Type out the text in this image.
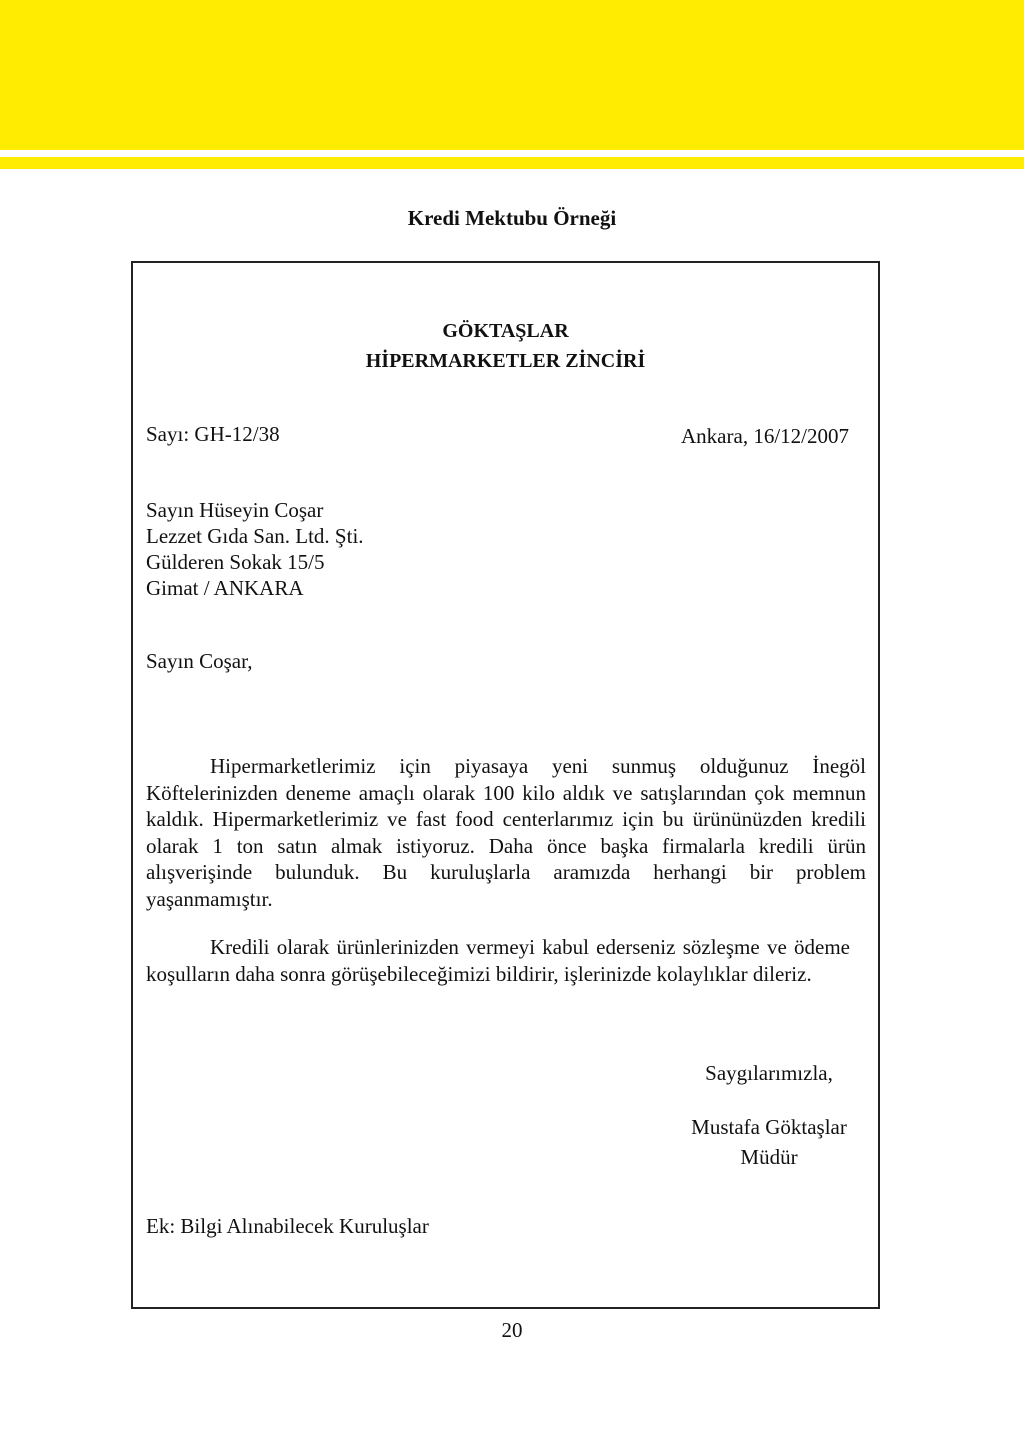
Kredi Mektubu Örneği
GÖKTAŞLAR
HİPERMARKETLER ZİNCİRİ
Sayı: GH-12/38	Ankara, 16/12/2007
Sayın Hüseyin Coşar
Lezzet Gıda San. Ltd. Şti.
Gülderen Sokak 15/5
Gimat / ANKARA
Sayın Coşar,
Hipermarketlerimiz için piyasaya yeni sunmuş olduğunuz İnegöl Köftelerinizden deneme amaçlı olarak 100 kilo aldık ve satışlarından çok memnun kaldık. Hipermarketlerimiz ve fast food centerlarımız için bu ürününüzden kredili olarak 1 ton satın almak istiyoruz. Daha önce başka firmalarla kredili ürün alışverişinde bulunduk. Bu kuruluşlarla aramızda herhangi bir problem yaşanmamıştır.
Kredili olarak ürünlerinizden vermeyi kabul ederseniz sözleşme ve ödeme koşulların daha sonra görüşebileceğimizi bildirir, işlerinizde kolaylıklar dileriz.
Saygılarımızla,
Mustafa Göktaşlar
Müdür
Ek: Bilgi Alınabilecek Kuruluşlar
20
